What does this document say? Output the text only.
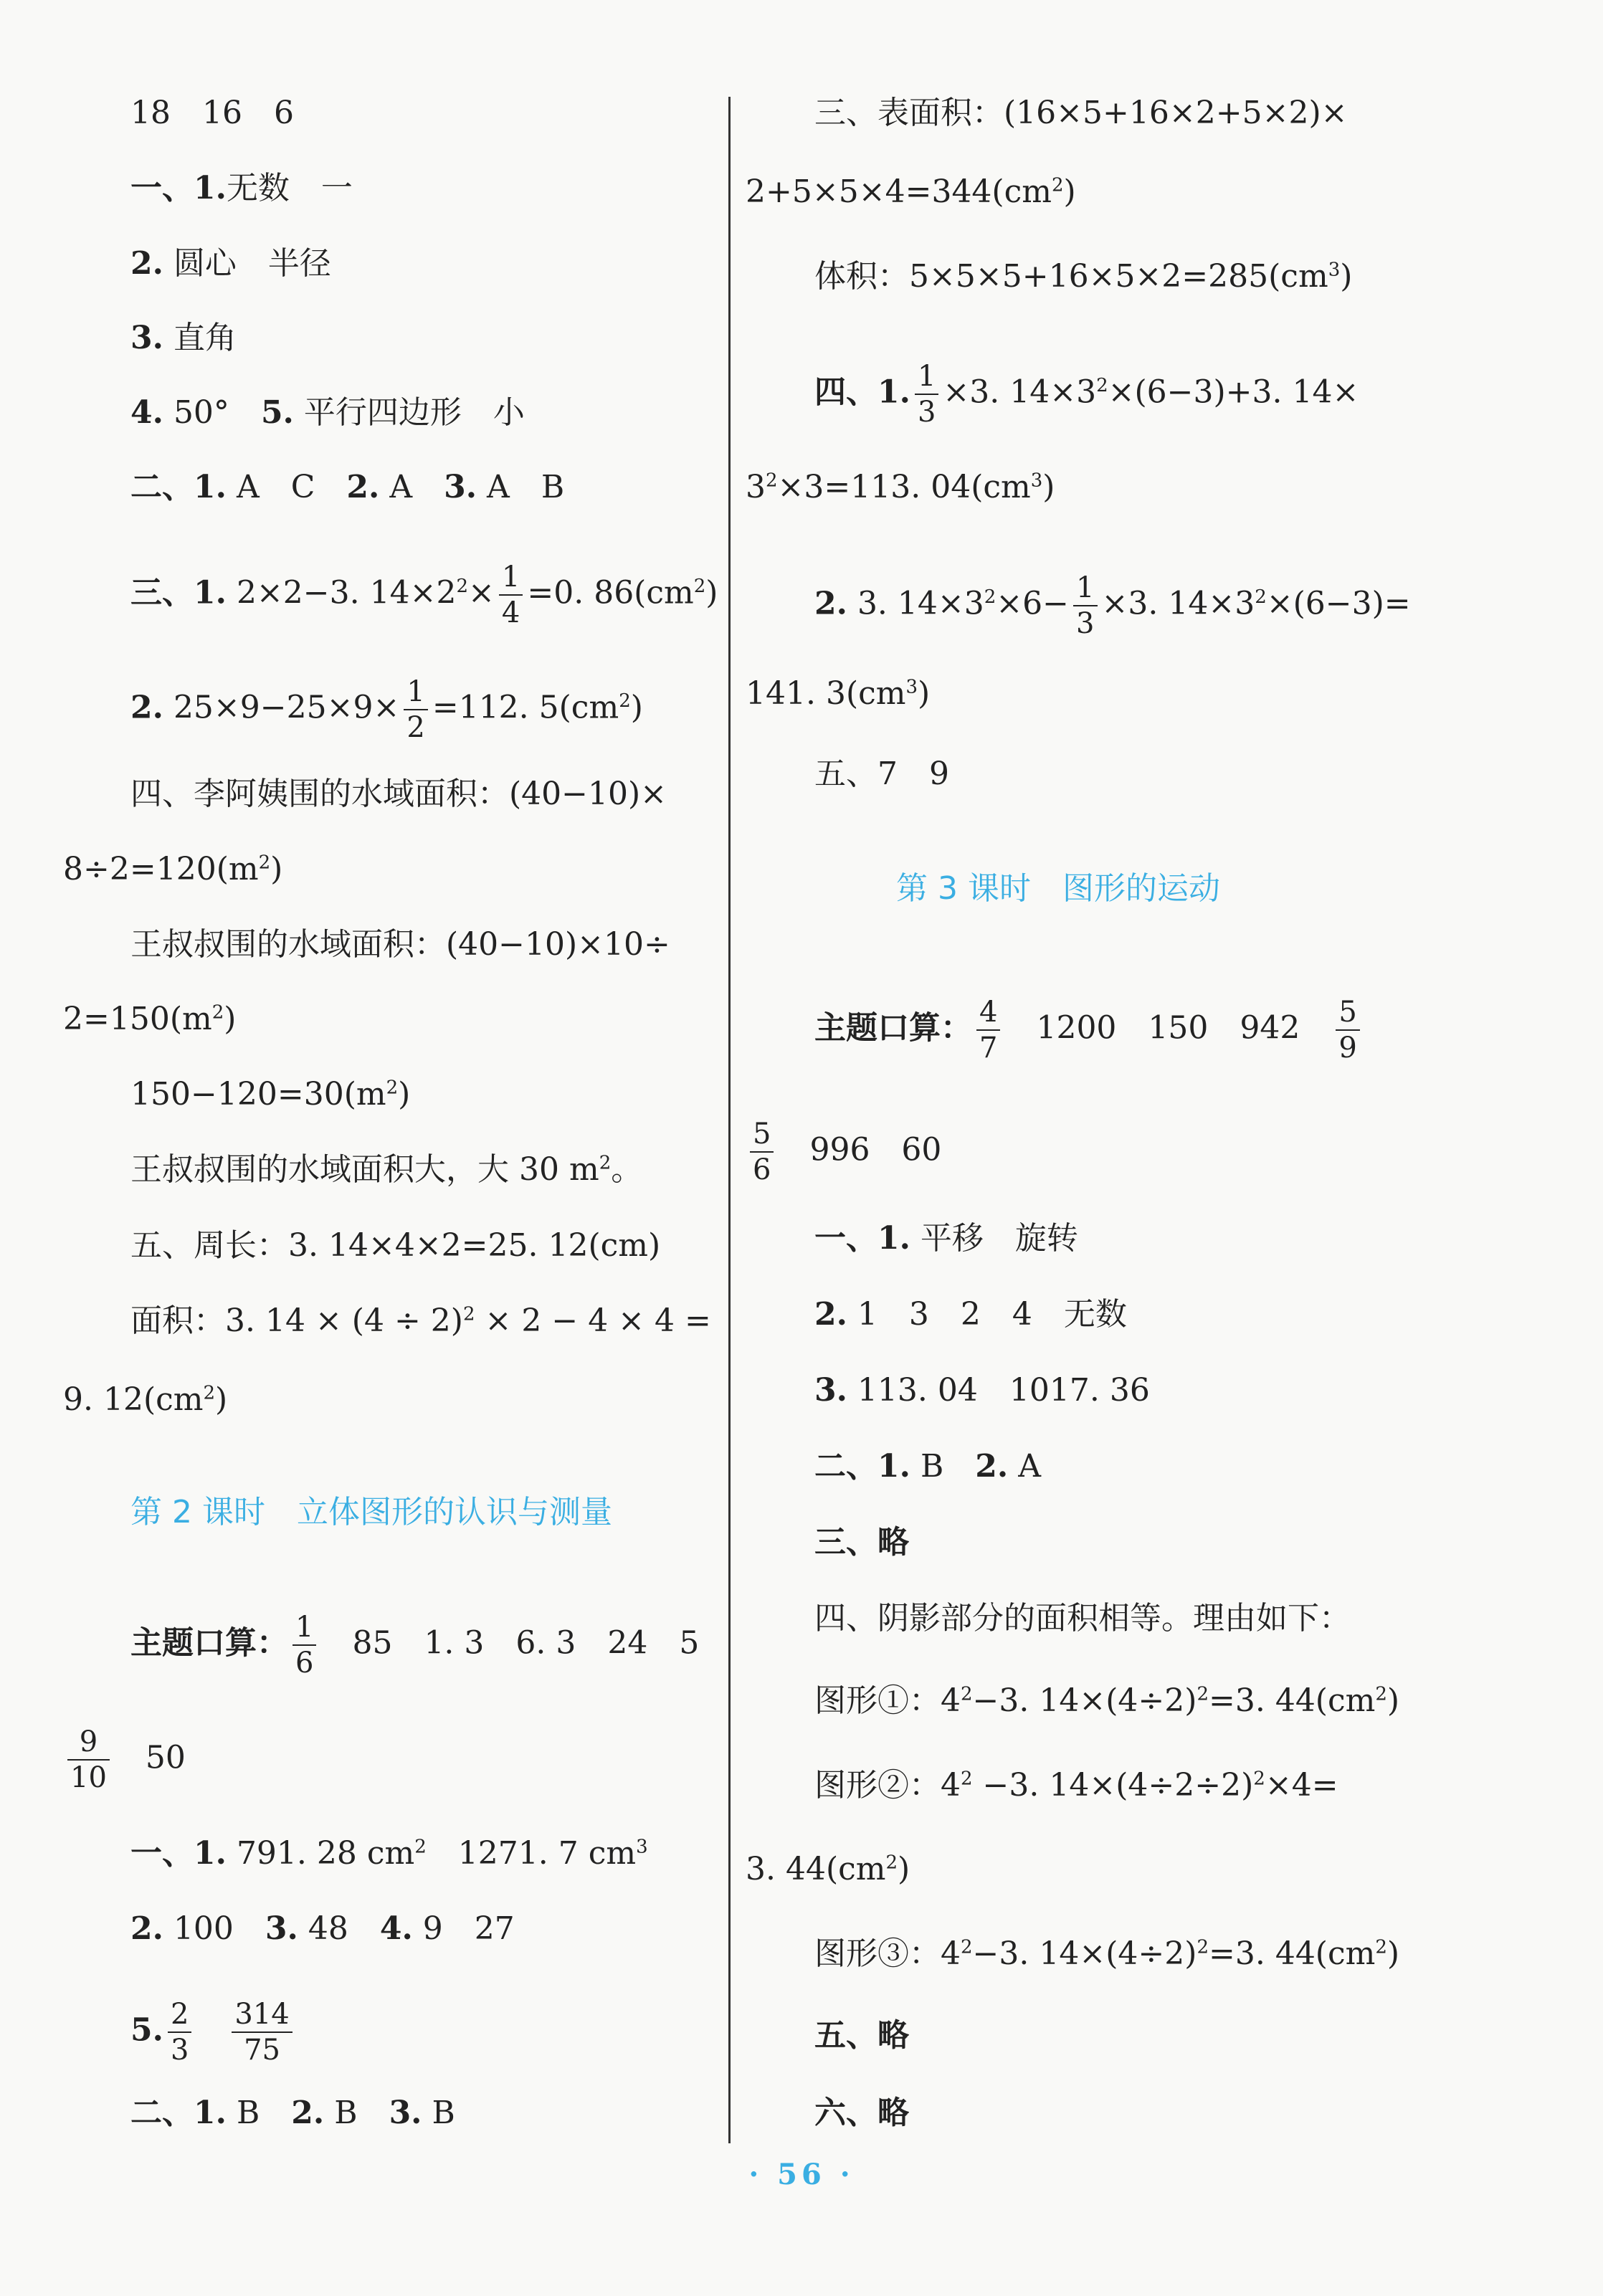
18　16　6
一、1.无数　一
2. 圆心　半径
3. 直角
4. 50°　 5. 平行四边形　小
二、1. A　C　 2. A　 3. A　B
三、1. 2×2−3. $14\times 2^2\times \frac{1}{4} =0$. $86(cm^2)$
2. $25\times 9-25\times 9\times \frac{1}{2} =112$. $5(cm^2)$
四、李阿姨围的水域面积：(40−10)×
$8\div 2=120(m^2)$
王叔叔围的水域面积：(40−10)×10÷
$2=150(m^2)$
$150-120=30(m^2)$
王叔叔围的水域面积大，大 30 $m^2$。
五、周长：3. 14×4×2=25. 12(cm)
面积：3. $14 \times (4 \div 2)^2 \times 2 - 4 \times 4$ =
9. $12(cm^2)$
第 2 课时　立体图形的认识与测量
主题口算： $\frac{1}{6}$
　 85　1. 3　6. 3　24　5
$\frac{9}{10}$
　 50
一、1. 791. 28 $cm^2$　1271. 7 $cm^3$
2. 100　 3. 48　 4. 9　27
5. $\frac{2}{3}$
　 $\frac{314}{75}$
二、1. B　 2. B　 3. B
三、表面积：(16×5+16×2+5×2)×
$2+5\times 5\times 4=344(cm^2)$
体积：$5\times 5\times 5+16\times 5\times 2=285(cm^3)$
四、1. $\frac{1}{3} \times 3$. $14\times 3^2\times(6-3)+3$. 14×
$3^2\times 3=113$. $04(cm^3)$
2. 3. $14\times 3^2\times 6- \frac{1}{3} \times 3$. $14\times 3^2\times(6-3)=$
141. $3(cm^3)$
五、7　9
第 3 课时　图形的运动
主题口算： $\frac{4}{7}$
　 1200　150　942　 $\frac{5}{9}$
$\frac{5}{6}$
　 996　60
一、1. 平移　旋转
2. 1　3　2　4　无数
3. 113. 04　1017. 36
二、1. B　 2. A
三、略
四、阴影部分的面积相等。理由如下：
图形①：$4^2-3$. $14\times(4\div 2)^2=3$. $44(cm^2)$
图形②：$4^2 -3$. $14\times(4\div 2\div 2)^2\times 4=$
3. $44(cm^2)$
图形③：$4^2-3$. $14\times(4\div 2)^2=3$. $44(cm^2)$
五、略
六、略
· 56 ·
